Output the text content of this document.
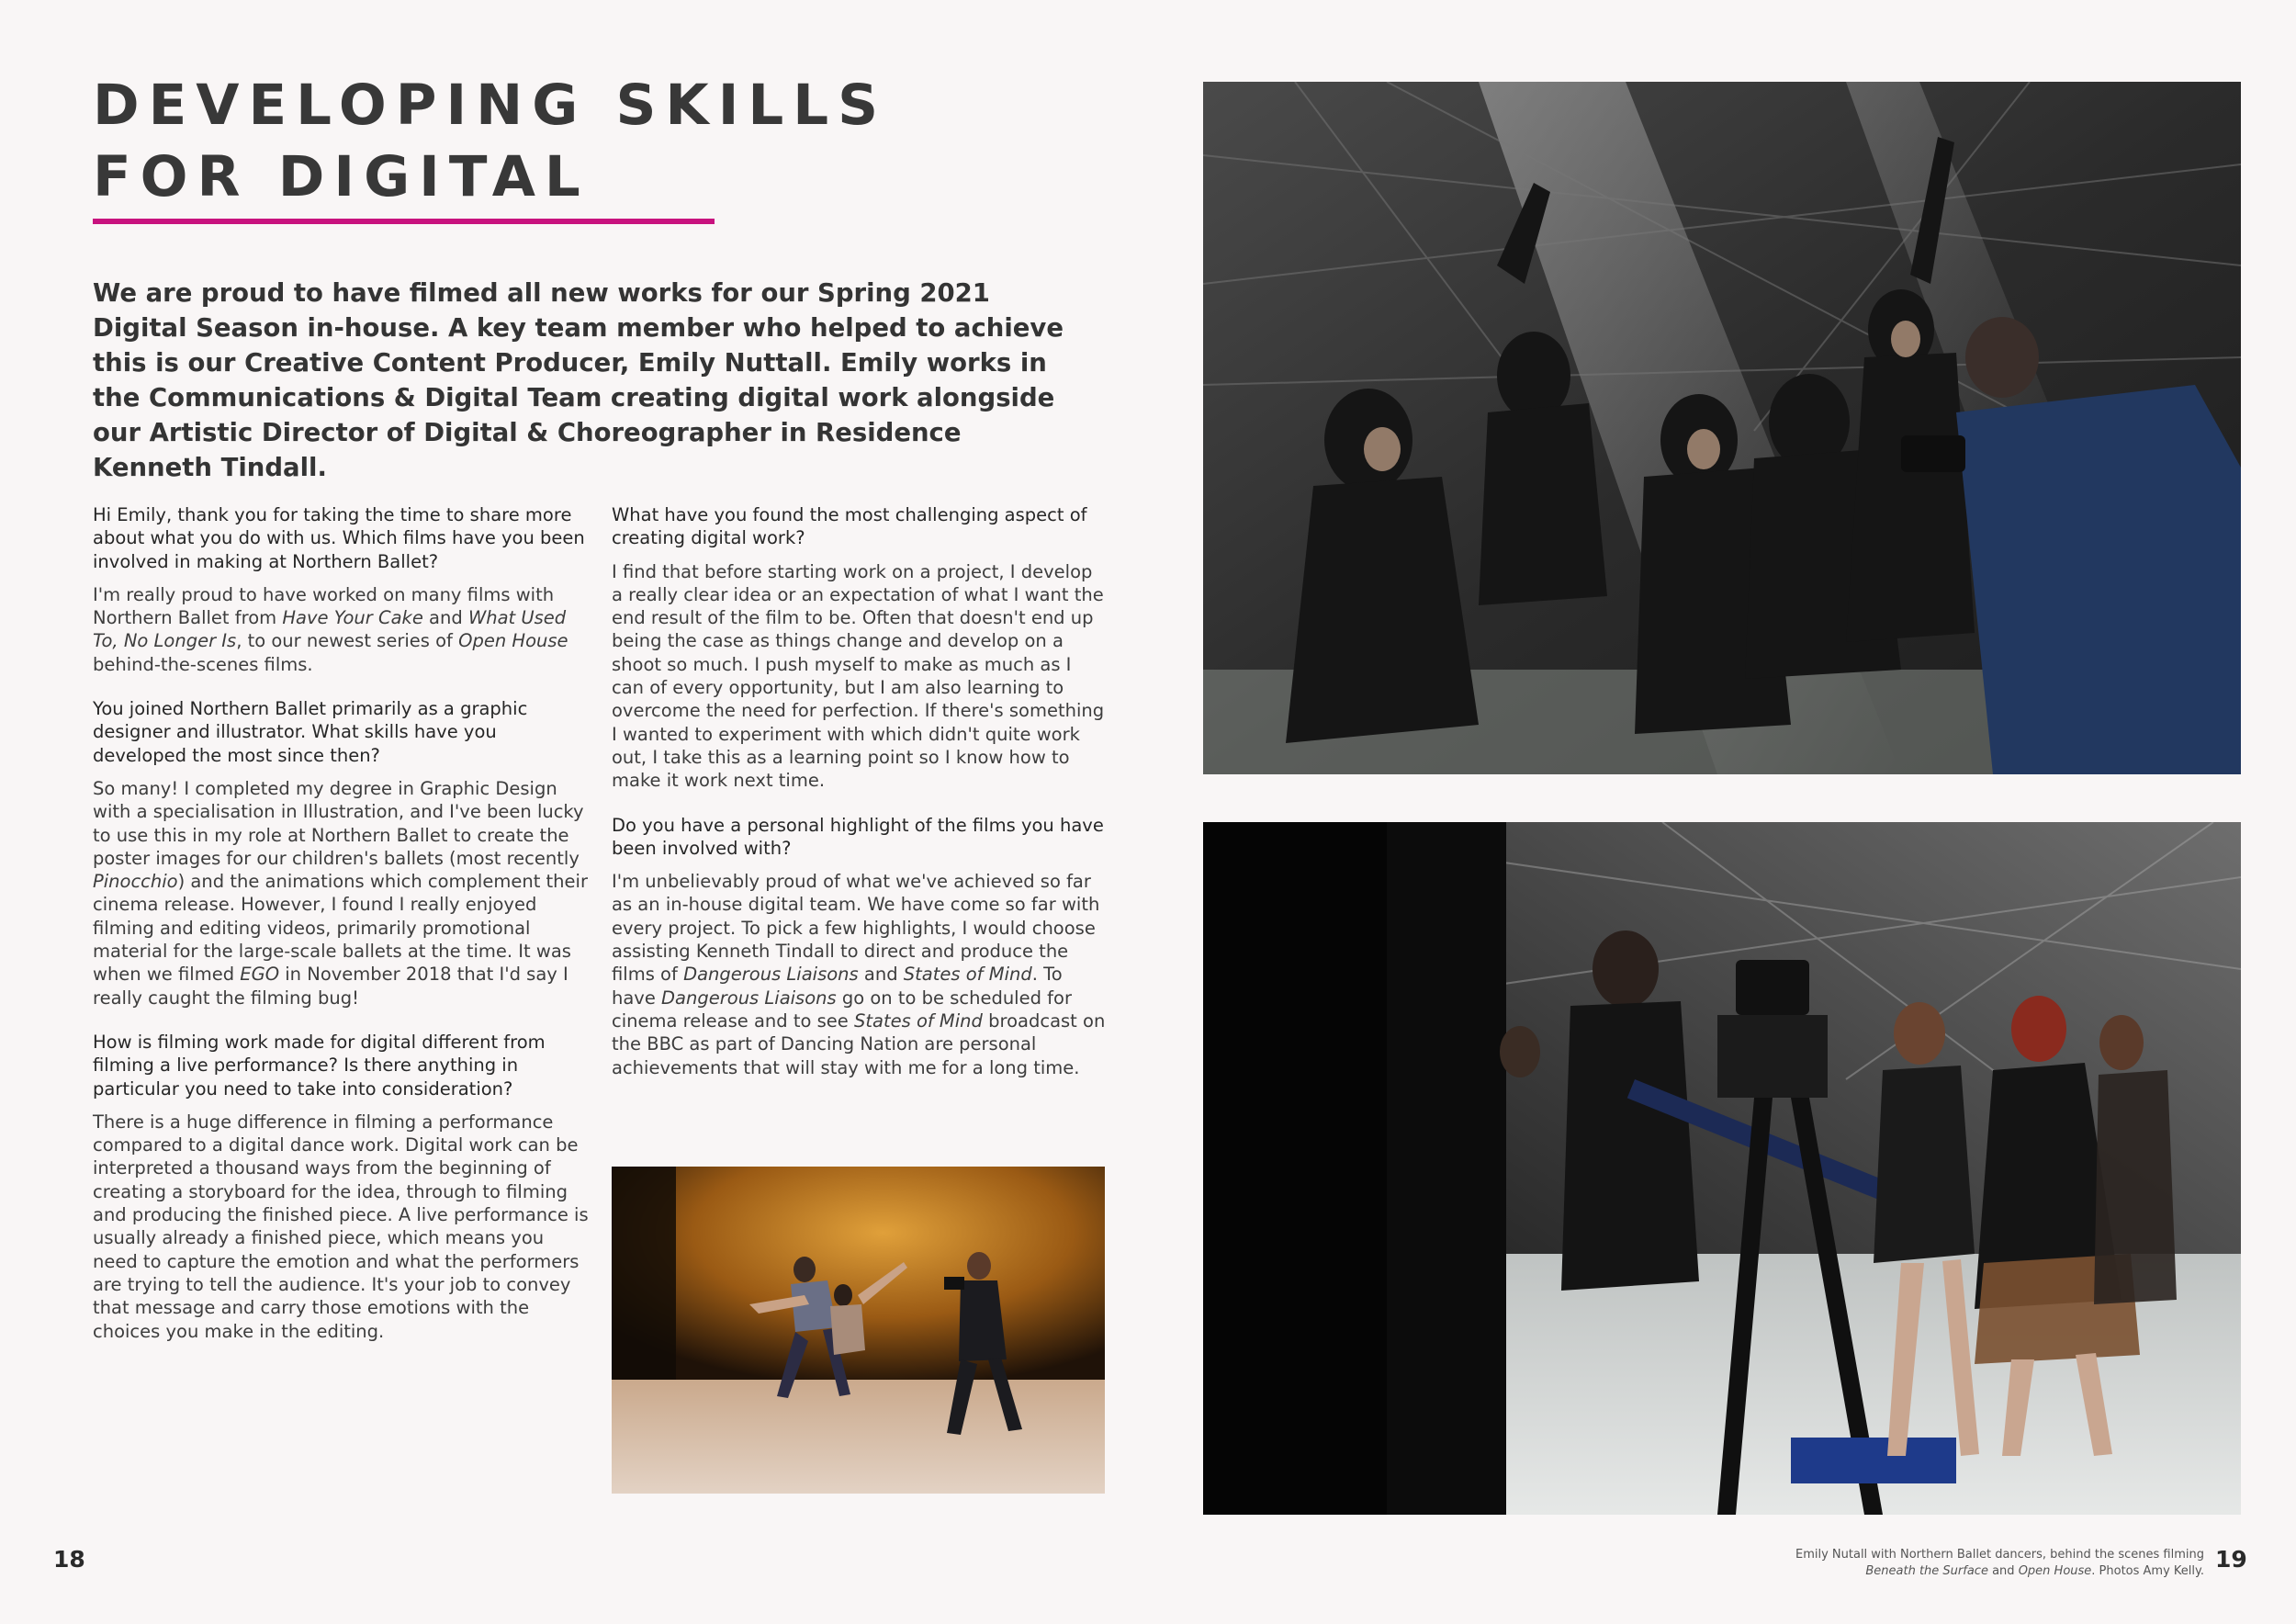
DEVELOPING SKILLS
FOR DIGITAL

We are proud to have filmed all new works for our Spring 2021 Digital Season in-house. A key team member who helped to achieve this is our Creative Content Producer, Emily Nuttall. Emily works in the Communications & Digital Team creating digital work alongside our Artistic Director of Digital & Choreographer in Residence Kenneth Tindall.

Hi Emily, thank you for taking the time to share more about what you do with us. Which films have you been involved in making at Northern Ballet?

I'm really proud to have worked on many films with Northern Ballet from Have Your Cake and What Used To, No Longer Is, to our newest series of Open House behind-the-scenes films.

You joined Northern Ballet primarily as a graphic designer and illustrator. What skills have you developed the most since then?

So many! I completed my degree in Graphic Design with a specialisation in Illustration, and I've been lucky to use this in my role at Northern Ballet to create the poster images for our children's ballets (most recently Pinocchio) and the animations which complement their cinema release. However, I found I really enjoyed filming and editing videos, primarily promotional material for the large-scale ballets at the time. It was when we filmed EGO in November 2018 that I'd say I really caught the filming bug!

How is filming work made for digital different from filming a live performance? Is there anything in particular you need to take into consideration?

There is a huge difference in filming a performance compared to a digital dance work. Digital work can be interpreted a thousand ways from the beginning of creating a storyboard for the idea, through to filming and producing the finished piece. A live performance is usually already a finished piece, which means you need to capture the emotion and what the performers are trying to tell the audience. It's your job to convey that message and carry those emotions with the choices you make in the editing.

What have you found the most challenging aspect of creating digital work?

I find that before starting work on a project, I develop a really clear idea or an expectation of what I want the end result of the film to be. Often that doesn't end up being the case as things change and develop on a shoot so much. I push myself to make as much as I can of every opportunity, but I am also learning to overcome the need for perfection. If there's something I wanted to experiment with which didn't quite work out, I take this as a learning point so I know how to make it work next time.

Do you have a personal highlight of the films you have been involved with?

I'm unbelievably proud of what we've achieved so far as an in-house digital team. We have come so far with every project. To pick a few highlights, I would choose assisting Kenneth Tindall to direct and produce the films of Dangerous Liaisons and States of Mind. To have Dangerous Liaisons go on to be scheduled for cinema release and to see States of Mind broadcast on the BBC as part of Dancing Nation are personal achievements that will stay with me for a long time.

Emily Nutall with Northern Ballet dancers, behind the scenes filming
Beneath the Surface and Open House. Photos Amy Kelly.
18	19
